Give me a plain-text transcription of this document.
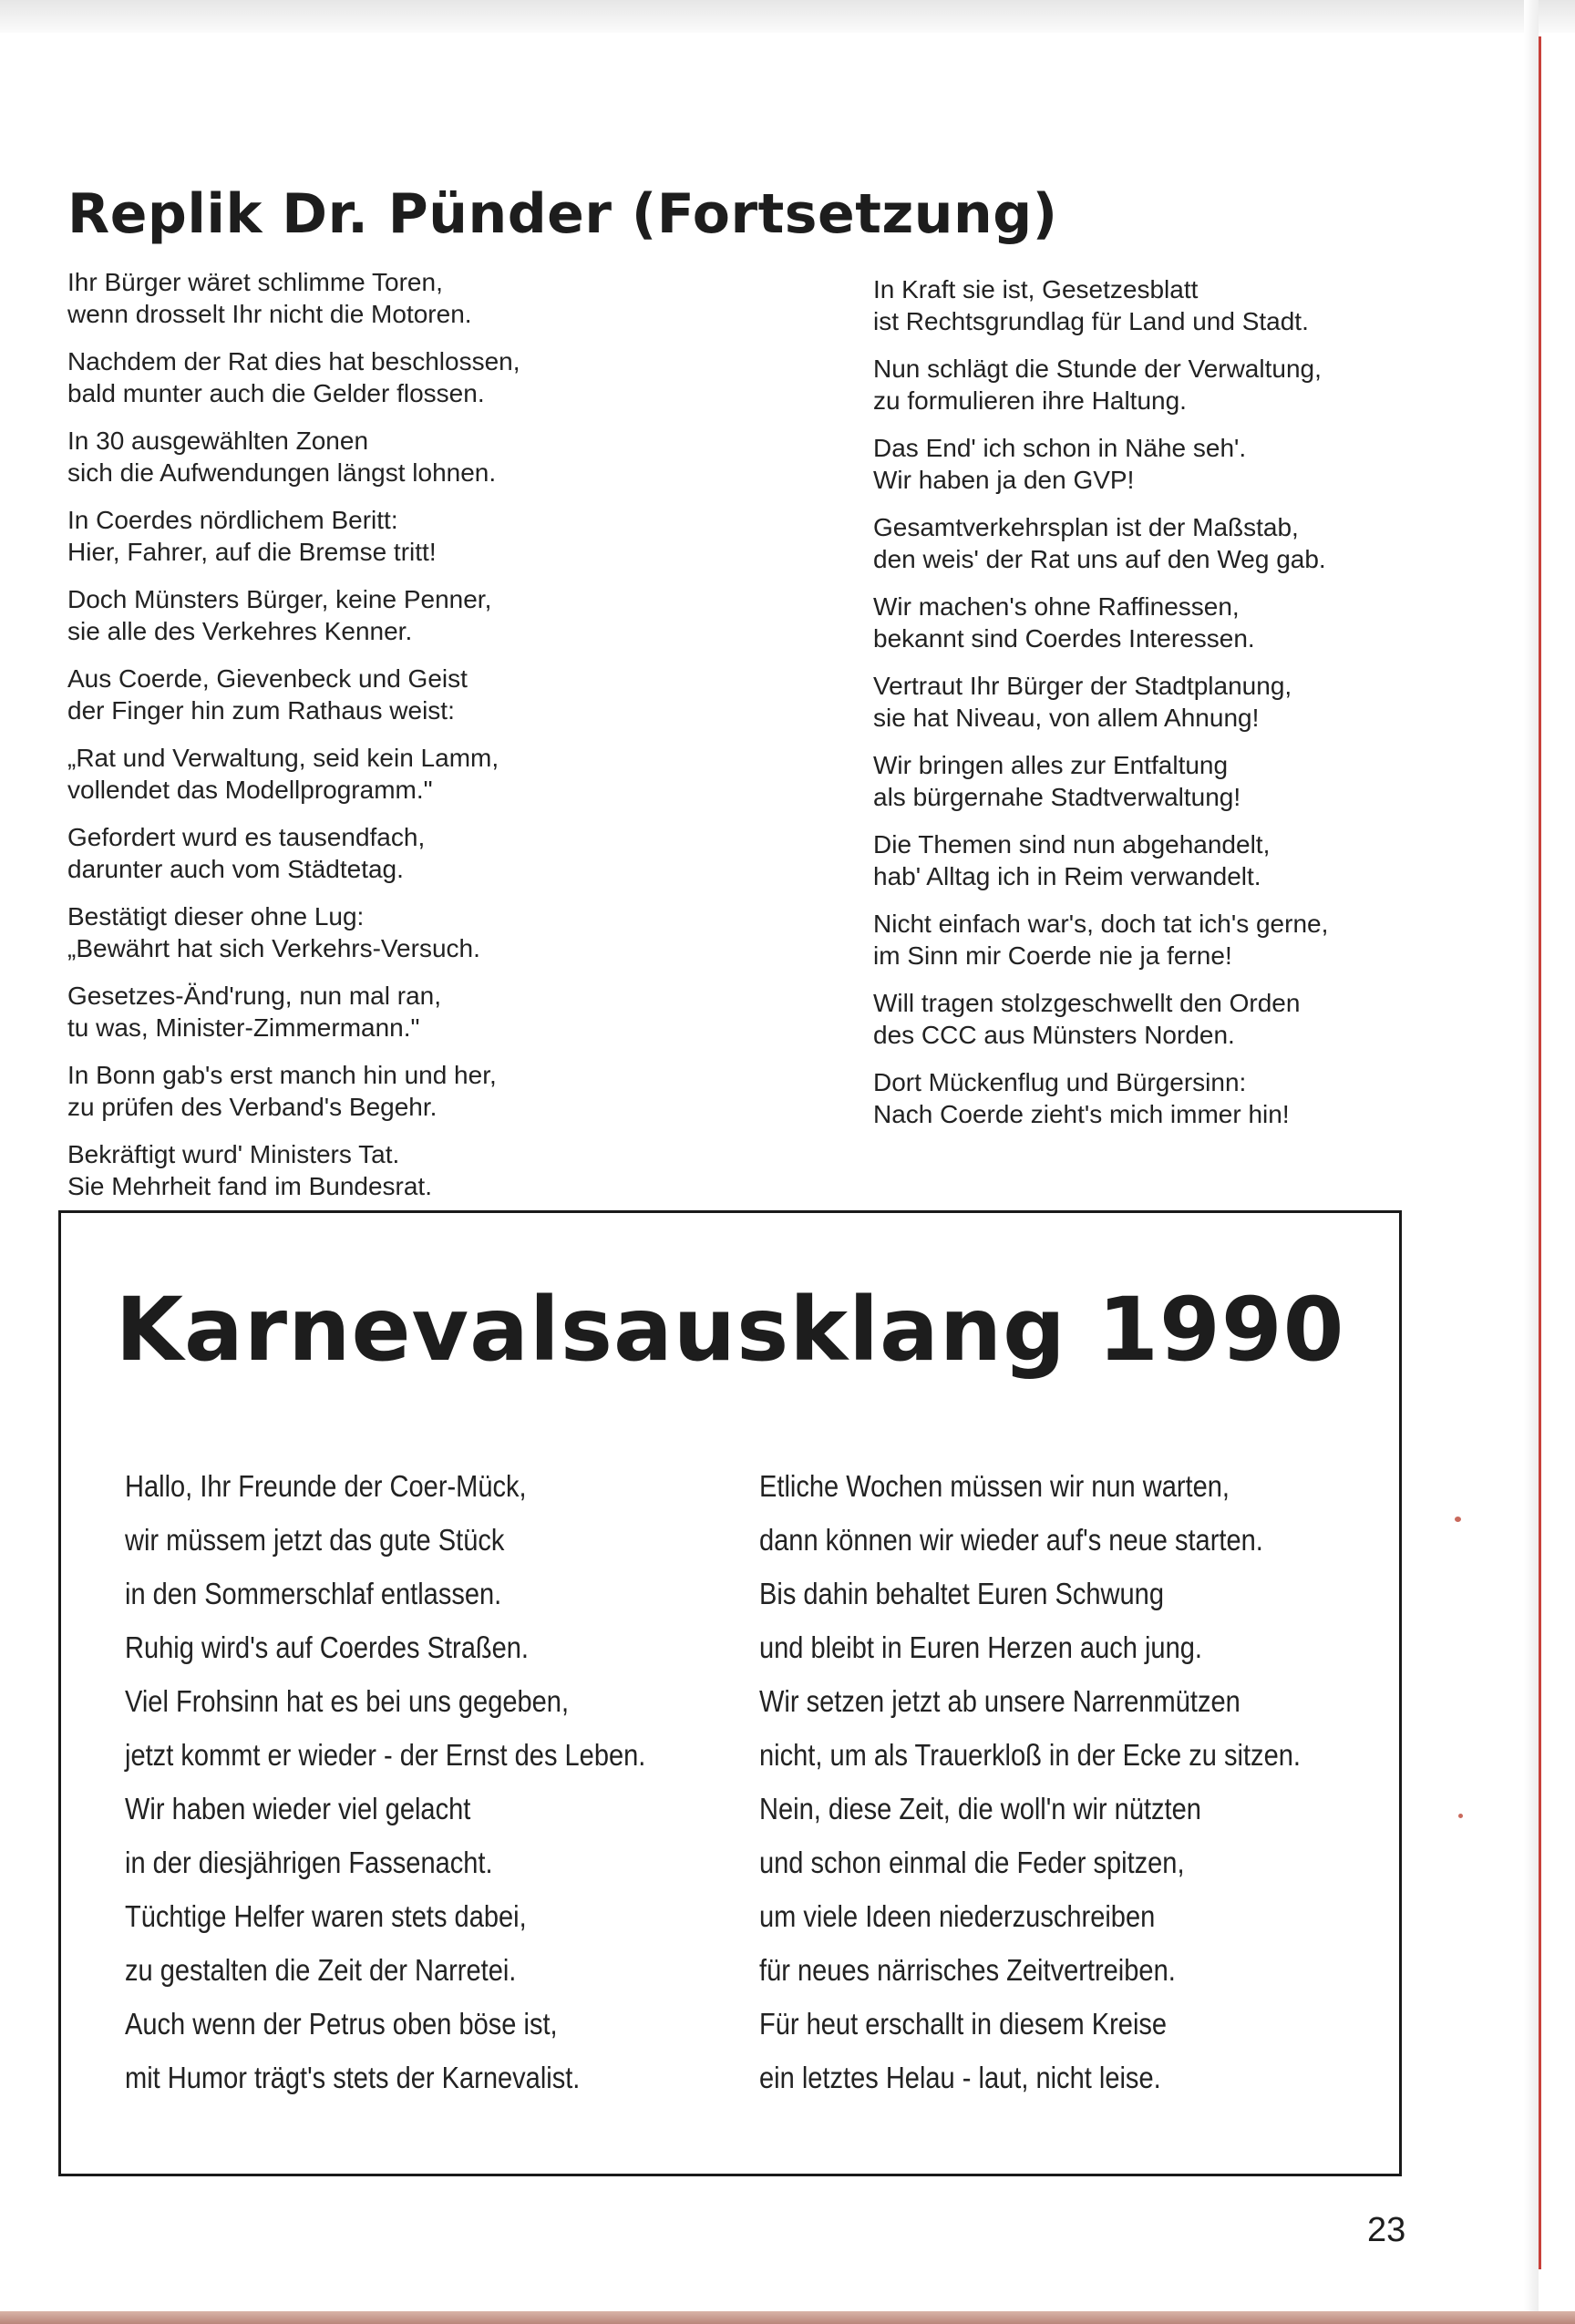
Replik Dr. Pünder (Fortsetzung)

Ihr Bürger wäret schlimme Toren,
wenn drosselt Ihr nicht die Motoren.

Nachdem der Rat dies hat beschlossen,
bald munter auch die Gelder flossen.

In 30 ausgewählten Zonen
sich die Aufwendungen längst lohnen.

In Coerdes nördlichem Beritt:
Hier, Fahrer, auf die Bremse tritt!

Doch Münsters Bürger, keine Penner,
sie alle des Verkehres Kenner.

Aus Coerde, Gievenbeck und Geist
der Finger hin zum Rathaus weist:

„Rat und Verwaltung, seid kein Lamm,
vollendet das Modellprogramm."

Gefordert wurd es tausendfach,
darunter auch vom Städtetag.

Bestätigt dieser ohne Lug:
„Bewährt hat sich Verkehrs-Versuch.

Gesetzes-Änd'rung, nun mal ran,
tu was, Minister-Zimmermann."

In Bonn gab's erst manch hin und her,
zu prüfen des Verband's Begehr.

Bekräftigt wurd' Ministers Tat.
Sie Mehrheit fand im Bundesrat.

In Kraft sie ist, Gesetzesblatt
ist Rechtsgrundlag für Land und Stadt.

Nun schlägt die Stunde der Verwaltung,
zu formulieren ihre Haltung.

Das End' ich schon in Nähe seh'.
Wir haben ja den GVP!

Gesamtverkehrsplan ist der Maßstab,
den weis' der Rat uns auf den Weg gab.

Wir machen's ohne Raffinessen,
bekannt sind Coerdes Interessen.

Vertraut Ihr Bürger der Stadtplanung,
sie hat Niveau, von allem Ahnung!

Wir bringen alles zur Entfaltung
als bürgernahe Stadtverwaltung!

Die Themen sind nun abgehandelt,
hab' Alltag ich in Reim verwandelt.

Nicht einfach war's, doch tat ich's gerne,
im Sinn mir Coerde nie ja ferne!

Will tragen stolzgeschwellt den Orden
des CCC aus Münsters Norden.

Dort Mückenflug und Bürgersinn:
Nach Coerde zieht's mich immer hin!

Karnevalsausklang 1990
Hallo, Ihr Freunde der Coer-Mück,
wir müssem jetzt das gute Stück
in den Sommerschlaf entlassen.
Ruhig wird's auf Coerdes Straßen.
Viel Frohsinn hat es bei uns gegeben,
jetzt kommt er wieder - der Ernst des Leben.
Wir haben wieder viel gelacht
in der diesjährigen Fassenacht.
Tüchtige Helfer waren stets dabei,
zu gestalten die Zeit der Narretei.
Auch wenn der Petrus oben böse ist,
mit Humor trägt's stets der Karnevalist.
Etliche Wochen müssen wir nun warten,
dann können wir wieder auf's neue starten.
Bis dahin behaltet Euren Schwung
und bleibt in Euren Herzen auch jung.
Wir setzen jetzt ab unsere Narrenmützen
nicht, um als Trauerkloß in der Ecke zu sitzen.
Nein, diese Zeit, die woll'n wir nützten
und schon einmal die Feder spitzen,
um viele Ideen niederzuschreiben
für neues närrisches Zeitvertreiben.
Für heut erschallt in diesem Kreise
ein letztes Helau - laut, nicht leise.
23
